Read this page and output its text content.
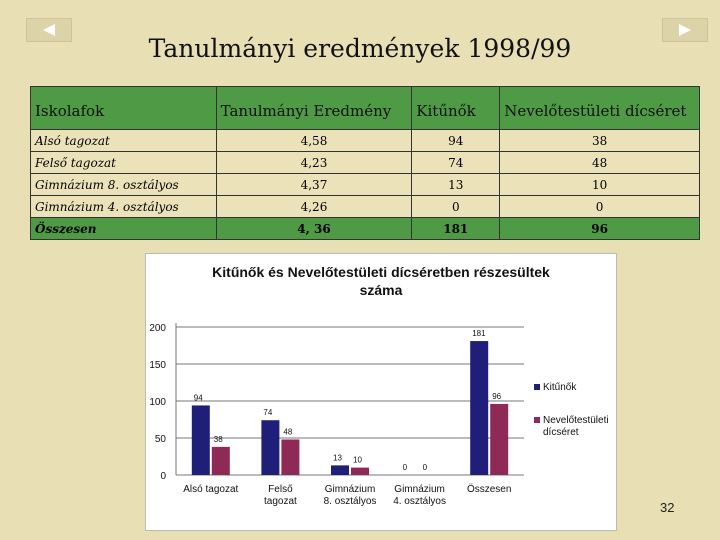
Tanulmányi eredmények 1998/99
Iskolafok	Tanulmányi Eredmény	Kitűnők	Nevelőtestületi dícséret
Alsó tagozat	4,58	94	38
Felső tagozat	4,23	74	48
Gimnázium 8. osztályos	4,37	13	10
Gimnázium 4. osztályos	4,26	0	0
Összesen	4, 36	181	96
Kitűnők és Nevelőtestületi dícséretben részesültek száma
0
50
100
150
200
94
38
Alsó tagozat
74
48
Felső
tagozat
13 10
Gimnázium
8. osztályos
0 0
Gimnázium
4. osztályos
181
96
Összesen
Kitűnők
Nevelőtestületi
dícséret
32
